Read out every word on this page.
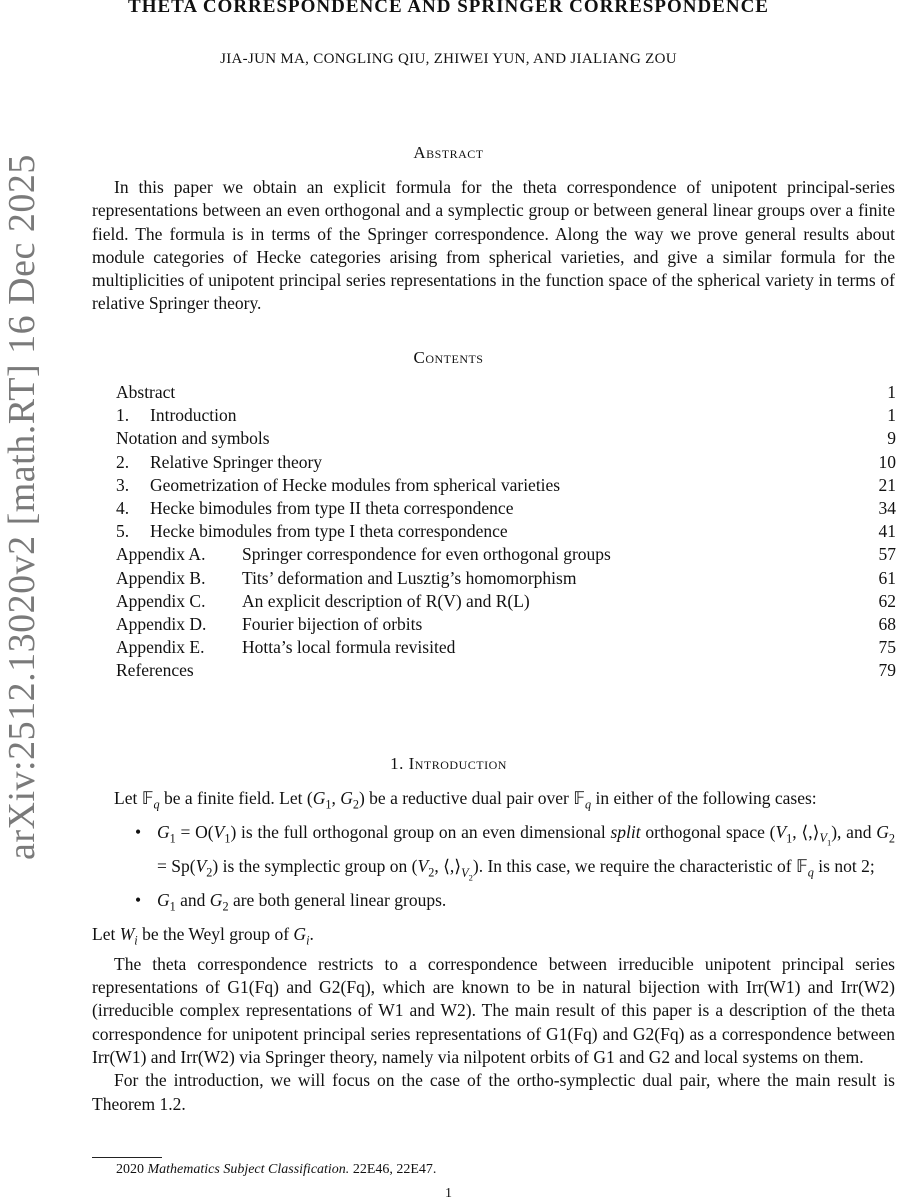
arXiv:2512.13020v2 [math.RT] 16 Dec 2025
THETA CORRESPONDENCE AND SPRINGER CORRESPONDENCE
JIA-JUN MA, CONGLING QIU, ZHIWEI YUN, AND JIALIANG ZOU
Abstract
In this paper we obtain an explicit formula for the theta correspondence of unipotent principal-series representations between an even orthogonal and a symplectic group or between general linear groups over a finite field. The formula is in terms of the Springer correspondence. Along the way we prove general results about module categories of Hecke categories arising from spherical varieties, and give a similar formula for the multiplicities of unipotent principal series representations in the function space of the spherical variety in terms of relative Springer theory.
Contents
Abstract	1
1. Introduction	1
Notation and symbols	9
2. Relative Springer theory	10
3. Geometrization of Hecke modules from spherical varieties	21
4. Hecke bimodules from type II theta correspondence	34
5. Hecke bimodules from type I theta correspondence	41
Appendix A. Springer correspondence for even orthogonal groups	57
Appendix B. Tits’ deformation and Lusztig’s homomorphism	61
Appendix C. An explicit description of R(V) and R(L)	62
Appendix D. Fourier bijection of orbits	68
Appendix E. Hotta’s local formula revisited	75
References	79
1. Introduction

Let 𝔽$_q$ be a finite field. Let ($G_1$, $G_2$) be a reductive dual pair over 𝔽$_q$ in either of the following cases:

• $G_1 = O(V_1)$ is the full orthogonal group on an even dimensional split orthogonal space ($V_1$, $⟨,⟩_{V_1}$), and $G_2 = Sp(V_2)$ is the symplectic group on ($V_2$, $⟨,⟩_{V_2}$). In this case, we require the characteristic of 𝔽$_q$ is not 2;
• $G_1$ and $G_2$ are both general linear groups.

Let $W_i$ be the Weyl group of $G_i$.

The theta correspondence restricts to a correspondence between irreducible unipotent principal series representations of G1(Fq) and G2(Fq), which are known to be in natural bijection with Irr(W1) and Irr(W2) (irreducible complex representations of W1 and W2). The main result of this paper is a description of the theta correspondence for unipotent principal series representations of G1(Fq) and G2(Fq) as a correspondence between Irr(W1) and Irr(W2) via Springer theory, namely via nilpotent orbits of G1 and G2 and local systems on them.

For the introduction, we will focus on the case of the ortho-symplectic dual pair, where the main result is Theorem 1.2.

2020 Mathematics Subject Classification. 22E46, 22E47.
1
